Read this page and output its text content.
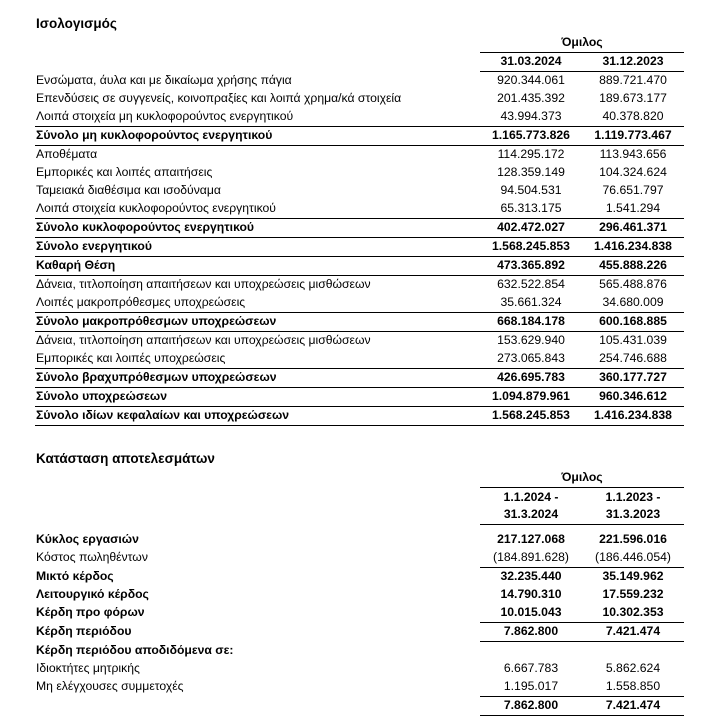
Ισολογισμός
	Όμιλος	
	31.03.2024	31.12.2023
Ενσώματα, άυλα και με δικαίωμα χρήσης πάγια	920.344.061	889.721.470
Επενδύσεις σε συγγενείς, κοινοπραξίες και λοιπά χρημα/κά στοιχεία	201.435.392	189.673.177
Λοιπά στοιχεία μη κυκλοφορούντος ενεργητικού	43.994.373	40.378.820
Σύνολο μη κυκλοφορούντος ενεργητικού	1.165.773.826	1.119.773.467
Αποθέματα	114.295.172	113.943.656
Εμπορικές και λοιπές απαιτήσεις	128.359.149	104.324.624
Ταμειακά διαθέσιμα και ισοδύναμα	94.504.531	76.651.797
Λοιπά στοιχεία κυκλοφορούντος ενεργητικού	65.313.175	1.541.294
Σύνολο κυκλοφορούντος ενεργητικού	402.472.027	296.461.371
Σύνολο ενεργητικού	1.568.245.853	1.416.234.838
Καθαρή Θέση	473.365.892	455.888.226
Δάνεια, τιτλοποίηση απαιτήσεων και υποχρεώσεις μισθώσεων	632.522.854	565.488.876
Λοιπές μακροπρόθεσμες υποχρεώσεις	35.661.324	34.680.009
Σύνολο μακροπρόθεσμων υποχρεώσεων	668.184.178	600.168.885
Δάνεια, τιτλοποίηση απαιτήσεων και υποχρεώσεις μισθώσεων	153.629.940	105.431.039
Εμπορικές και λοιπές υποχρεώσεις	273.065.843	254.746.688
Σύνολο βραχυπρόθεσμων υποχρεώσεων	426.695.783	360.177.727
Σύνολο υποχρεώσεων	1.094.879.961	960.346.612
Σύνολο ιδίων κεφαλαίων και υποχρεώσεων	1.568.245.853	1.416.234.838
Κατάσταση αποτελεσμάτων
	Όμιλος	
	1.1.2024 -	1.1.2023 -
	31.3.2024	31.3.2023

Κύκλος εργασιών	217.127.068	221.596.016
Κόστος πωληθέντων	(184.891.628)	(186.446.054)
Μικτό κέρδος	32.235.440	35.149.962
Λειτουργικό κέρδος	14.790.310	17.559.232
Κέρδη προ φόρων	10.015.043	10.302.353
Κέρδη περιόδου	7.862.800	7.421.474
Κέρδη περιόδου αποδιδόμενα σε:		
Ιδιοκτήτες μητρικής	6.667.783	5.862.624
Μη ελέγχουσες συμμετοχές	1.195.017	1.558.850
	7.862.800	7.421.474
